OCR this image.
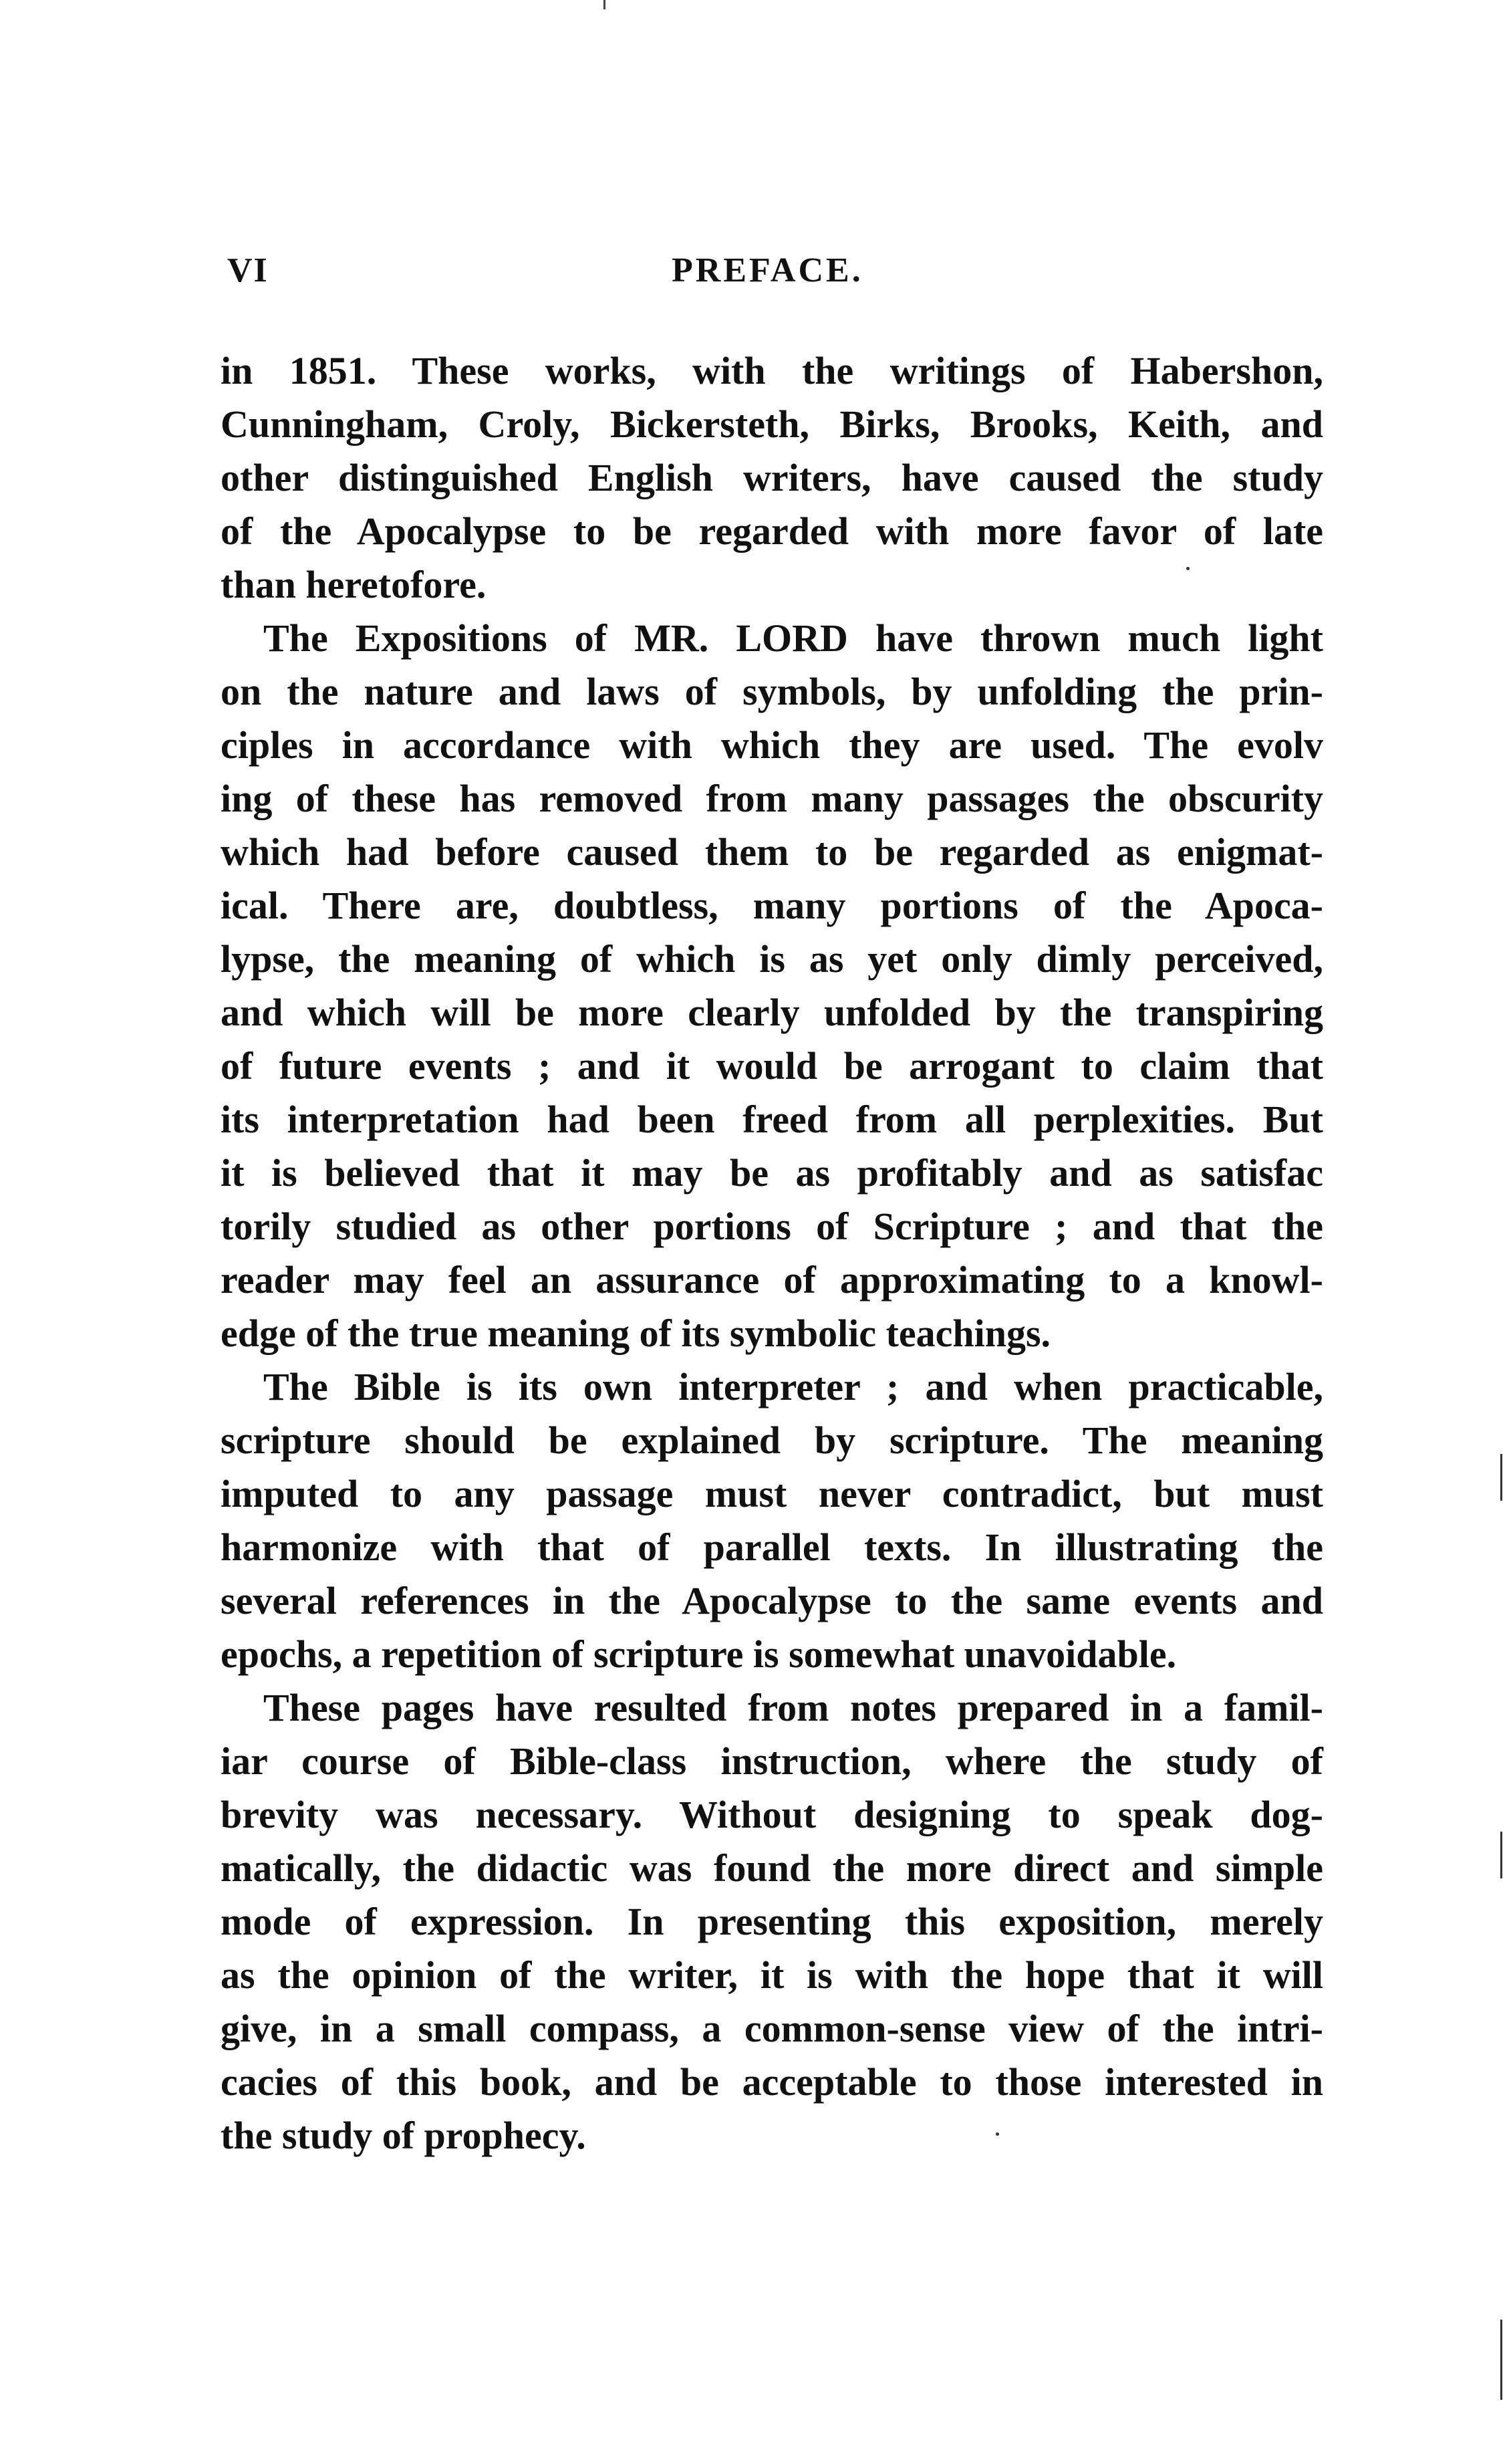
VI	PREFACE.
in 1851. These works, with the writings of Habershon,
Cunningham, Croly, Bickersteth, Birks, Brooks, Keith, and
other distinguished English writers, have caused the study
of the Apocalypse to be regarded with more favor of late
than heretofore.
The Expositions of MR. LORD have thrown much light
on the nature and laws of symbols, by unfolding the prin-
ciples in accordance with which they are used. The evolv
ing of these has removed from many passages the obscurity
which had before caused them to be regarded as enigmat-
ical. There are, doubtless, many portions of the Apoca-
lypse, the meaning of which is as yet only dimly perceived,
and which will be more clearly unfolded by the transpiring
of future events ; and it would be arrogant to claim that
its interpretation had been freed from all perplexities. But
it is believed that it may be as profitably and as satisfac
torily studied as other portions of Scripture ; and that the
reader may feel an assurance of approximating to a knowl-
edge of the true meaning of its symbolic teachings.
The Bible is its own interpreter ; and when practicable,
scripture should be explained by scripture. The meaning
imputed to any passage must never contradict, but must
harmonize with that of parallel texts. In illustrating the
several references in the Apocalypse to the same events and
epochs, a repetition of scripture is somewhat unavoidable.
These pages have resulted from notes prepared in a famil-
iar course of Bible-class instruction, where the study of
brevity was necessary. Without designing to speak dog-
matically, the didactic was found the more direct and simple
mode of expression. In presenting this exposition, merely
as the opinion of the writer, it is with the hope that it will
give, in a small compass, a common-sense view of the intri-
cacies of this book, and be acceptable to those interested in
the study of prophecy.
